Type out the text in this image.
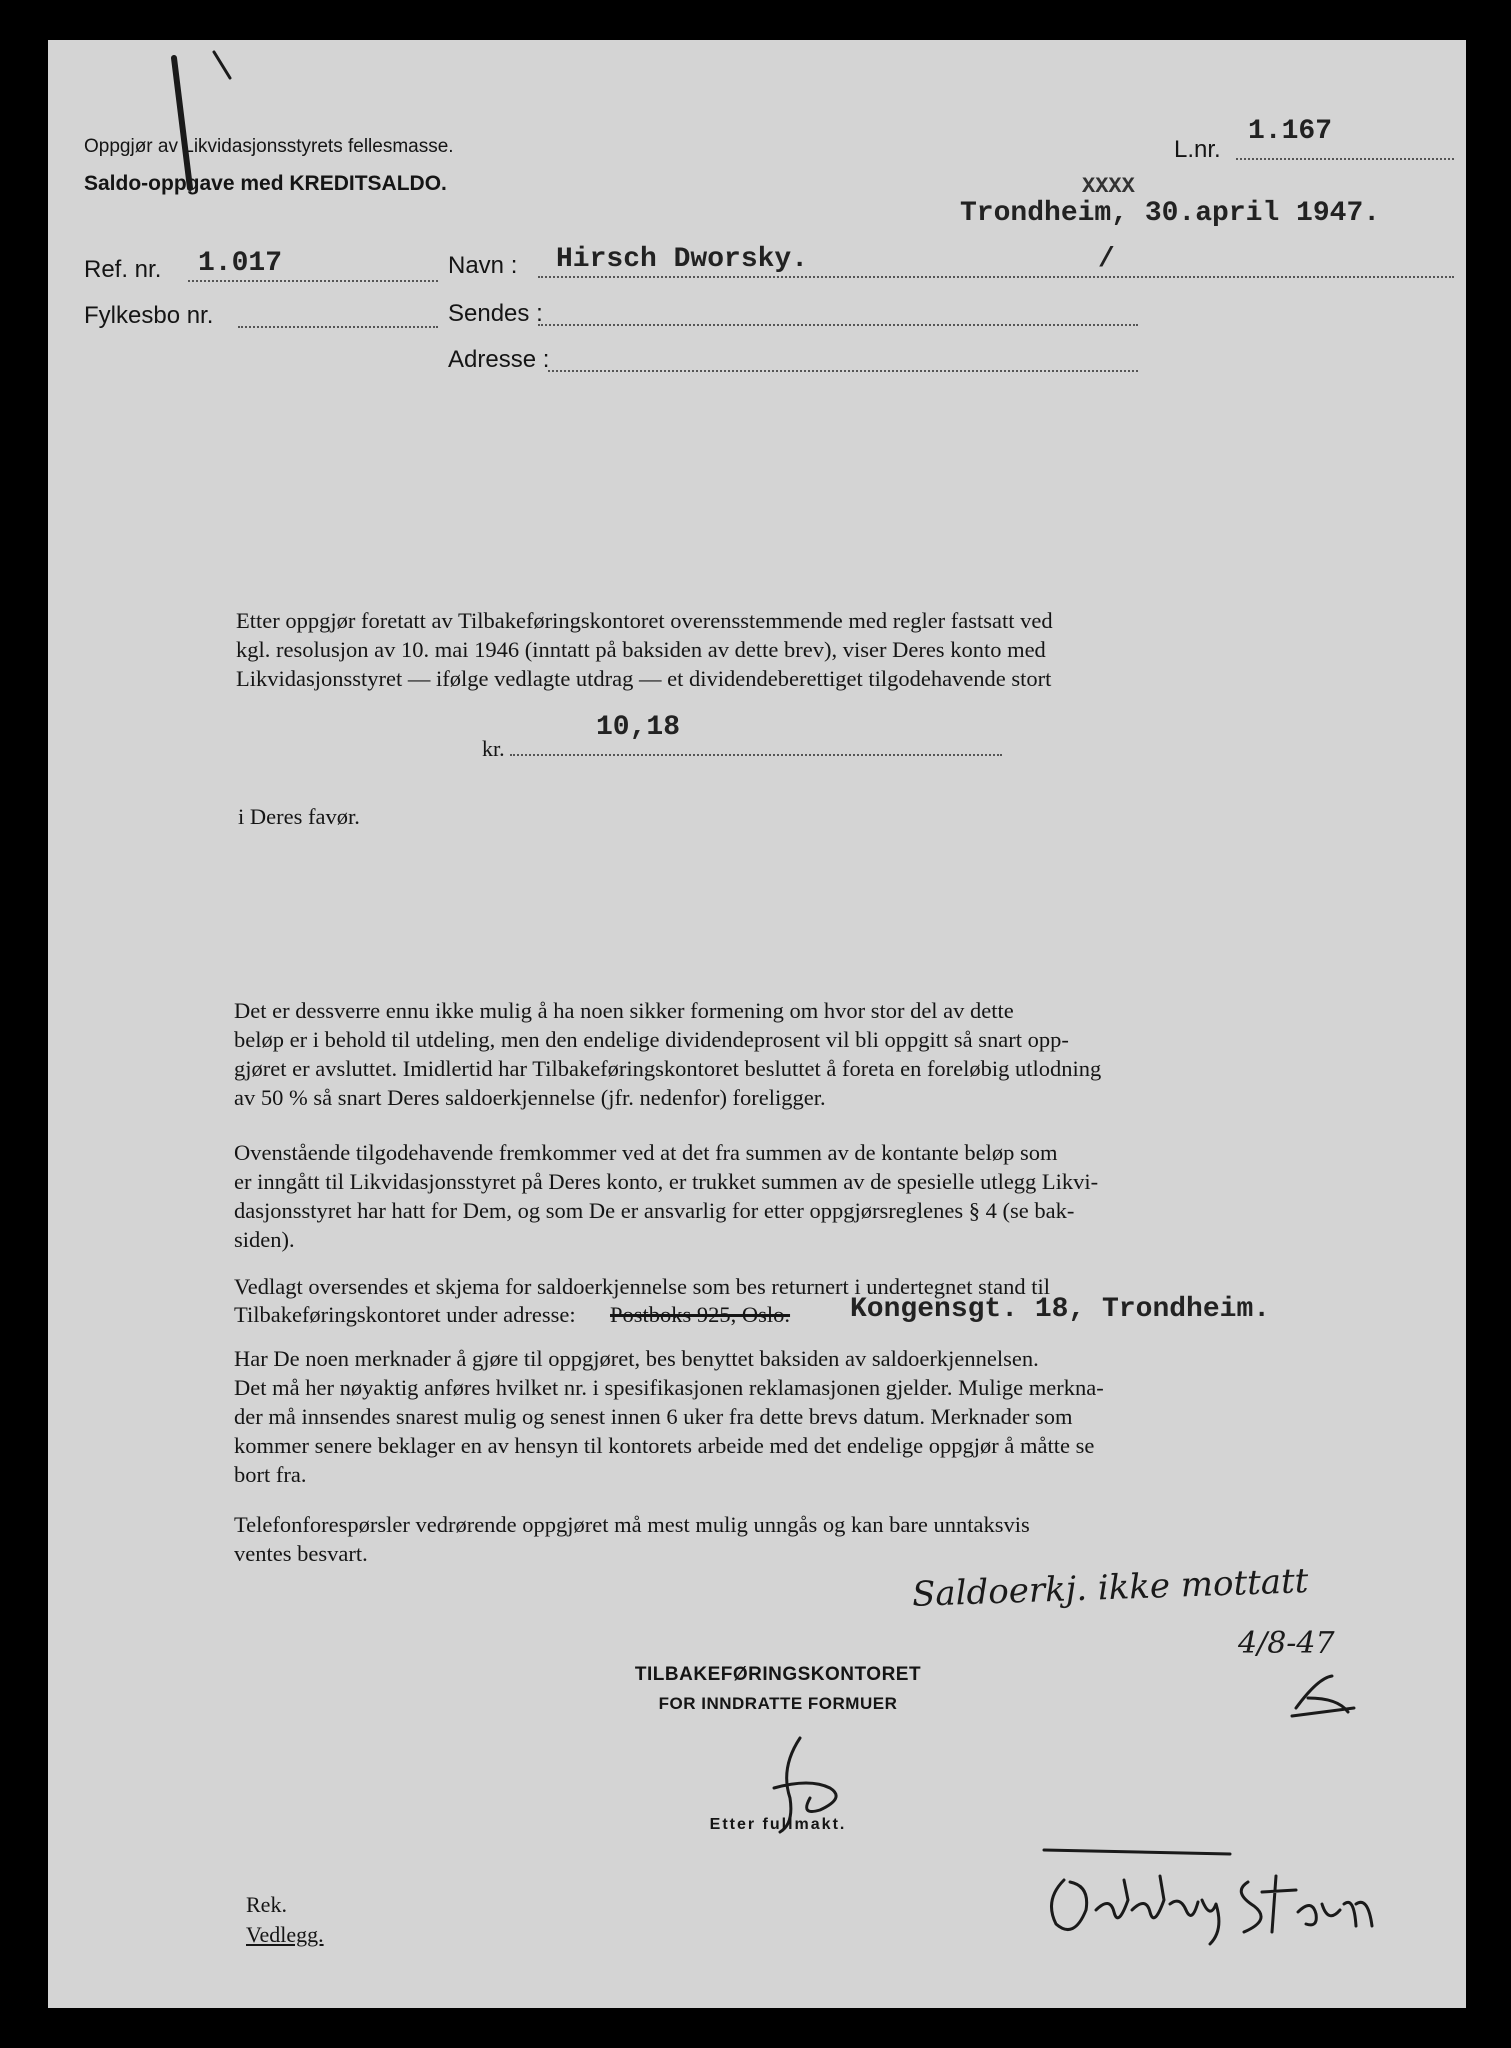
Oppgjør av Likvidasjonsstyrets fellesmasse.
Saldo-oppgave med KREDITSALDO.
L.nr.
1.167
XXXX
Trondheim, 30.april 1947.
Ref. nr. 1.017
Fylkesbo nr.
Navn : Hirsch Dworsky.	/
Sendes :
Adresse :
Etter oppgjør foretatt av Tilbakeføringskontoret overensstemmende med regler fastsatt ved
kgl. resolusjon av 10. mai 1946 (inntatt på baksiden av dette brev), viser Deres konto med
Likvidasjonsstyret — ifølge vedlagte utdrag — et dividendeberettiget tilgodehavende stort
kr.
10,18
i Deres favør.
Det er dessverre ennu ikke mulig å ha noen sikker formening om hvor stor del av dette
beløp er i behold til utdeling, men den endelige dividendeprosent vil bli oppgitt så snart opp-
gjøret er avsluttet. Imidlertid har Tilbakeføringskontoret besluttet å foreta en foreløbig utlodning
av 50 % så snart Deres saldoerkjennelse (jfr. nedenfor) foreligger.
Ovenstående tilgodehavende fremkommer ved at det fra summen av de kontante beløp som
er inngått til Likvidasjonsstyret på Deres konto, er trukket summen av de spesielle utlegg Likvi-
dasjonsstyret har hatt for Dem, og som De er ansvarlig for etter oppgjørsreglenes § 4 (se bak-
siden).
Vedlagt oversendes et skjema for saldoerkjennelse som bes returnert i undertegnet stand til
Tilbakeføringskontoret under adresse: Postboks 925, Oslo. Kongensgt. 18, Trondheim.
Har De noen merknader å gjøre til oppgjøret, bes benyttet baksiden av saldoerkjennelsen.
Det må her nøyaktig anføres hvilket nr. i spesifikasjonen reklamasjonen gjelder. Mulige merkna-
der må innsendes snarest mulig og senest innen 6 uker fra dette brevs datum. Merknader som
kommer senere beklager en av hensyn til kontorets arbeide med det endelige oppgjør å måtte se
bort fra.
Telefonforespørsler vedrørende oppgjøret må mest mulig unngås og kan bare unntaksvis
ventes besvart.
Saldoerkj. ikke mottatt
4/8-47
TILBAKEFØRINGSKONTORET
FOR INNDRATTE FORMUER
Etter fullmakt.
Rek.
Vedlegg.
